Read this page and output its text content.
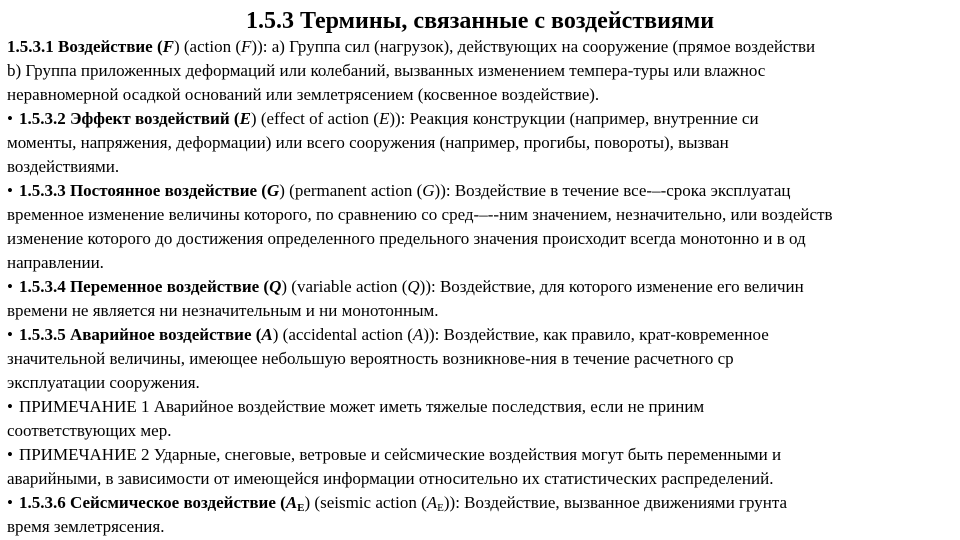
1.5.3 Термины, связанные с воздействиями
1.5.3.1 Воздействие (F) (action (F)): а) Группа сил (нагрузок), действующих на сооружение (прямое воздействи
b) Группа приложенных деформаций или колебаний, вызванных изменением темпера-туры или влажнос
неравномерной осадкой оснований или землетрясением (косвенное воздействие).
• 1.5.3.2 Эффект воздействий (E) (effect of action (E)): Реакция конструкции (например, внутренние си
моменты, напряжения, деформации) или всего сооружения (например, прогибы, повороты), вызван
воздействиями.
• 1.5.3.3 Постоянное воздействие (G) (permanent action (G)): Воздействие в течение все-–-срока эксплуатац
временное изменение величины которого, по сравнению со сред-–--ним значением, незначительно, или воздейств
изменение которого до достижения определенного предельного значения происходит всегда монотонно и в од
направлении.
• 1.5.3.4 Переменное воздействие (Q) (variable action (Q)): Воздействие, для которого изменение его величин
времени не является ни незначительным и ни монотонным.
• 1.5.3.5 Аварийное воздействие (A) (accidental action (A)): Воздействие, как правило, крат-ковременное
значительной величины, имеющее небольшую вероятность возникнове-ния в течение расчетного ср
эксплуатации сооружения.
• ПРИМЕЧАНИЕ 1 Аварийное воздействие может иметь тяжелые последствия, если не приним
соответствующих мер.
• ПРИМЕЧАНИЕ 2 Ударные, снеговые, ветровые и сейсмические воздействия могут быть переменными и
аварийными, в зависимости от имеющейся информации относительно их статистических распределений.
• 1.5.3.6 Сейсмическое воздействие $(A_E)$ (seismic action $(A_E)$): Воздействие, вызванное движениями грунта
время землетрясения.
